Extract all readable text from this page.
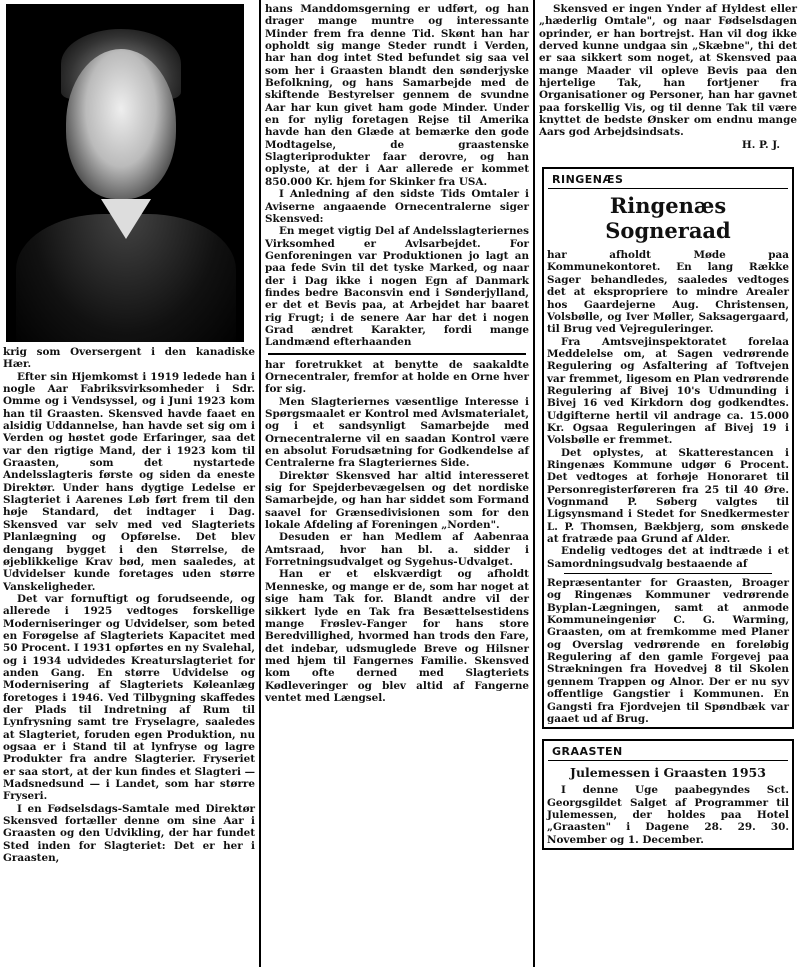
krig som Oversergent i den kanadiske Hær.

Efter sin Hjemkomst i 1919 ledede han i nogle Aar Fabriksvirksomheder i Sdr. Omme og i Vendsyssel, og i Juni 1923 kom han til Graasten. Skensved havde faaet en alsidig Uddannelse, han havde set sig om i Verden og høstet gode Erfaringer, saa det var den rigtige Mand, der i 1923 kom til Graasten, som det nystartede Andelsslagteris første og siden da eneste Direktør. Under hans dygtige Ledelse er Slagteriet i Aarenes Løb ført frem til den høje Standard, det indtager i Dag. Skensved var selv med ved Slagteriets Planlægning og Opførelse. Det blev dengang bygget i den Størrelse, de øjeblikkelige Krav bød, men saaledes, at Udvidelser kunde foretages uden større Vanskeligheder.

Det var fornuftigt og forudseende, og allerede i 1925 vedtoges forskellige Moderniseringer og Udvidelser, som beted en Forøgelse af Slagteriets Kapacitet med 50 Procent. I 1931 opførtes en ny Svalehal, og i 1934 udvidedes Kreaturslagteriet for anden Gang. En større Udvidelse og Modernisering af Slagteriets Kølеanlæg foretoges i 1946. Ved Tilbygning skaffedes der Plads til Indretning af Rum til Lynfrysning samt tre Fryselagre, saaledes at Slagteriet, foruden egen Produktion, nu ogsaa er i Stand til at lynfryse og lagre Produkter fra andre Slagterier. Fryseriet er saa stort, at der kun findes et Slagteri — Madsnedsund — i Landet, som har større Fryseri.

I en Fødselsdags-Samtale med Direktør Skensved fortæller denne om sine Aar i Graasten og den Udvikling, der har fundet Sted inden for Slagteriet: Det er her i Graasten,

hans Manddomsgerning er udført, og han drager mange muntre og interessante Minder frem fra denne Tid. Skønt han har opholdt sig mange Steder rundt i Verden, har han dog intet Sted befundet sig saa vel som her i Graasten blandt den sønderjyske Befolkning, og hans Samarbejde med de skiftende Bestyrelser gennem de svundne Aar har kun givet ham gode Minder. Under en for nylig foretagen Rejse til Amerika havde han den Glæde at bemærke den gode Modtagelse, de graastenske Slagteriprodukter faar derovre, og han oplyste, at der i Aar allerede er kommet 850.000 Kr. hjem for Skinker fra USA.

I Anledning af den sidste Tids Omtaler i Aviserne angaaende Ornecentralerne siger Skensved:

En meget vigtig Del af Andelsslagteriernes Virksomhed er Avlsarbejdet. For Genforeningen var Produktionen jo lagt an paa fede Svin til det tyske Marked, og naar der i Dag ikke i nogen Egn af Danmark findes bedre Baconsvin end i Sønderjylland, er det et Bevis paa, at Arbejdet har baaret rig Frugt; i de senere Aar har det i nogen Grad ændret Karakter, fordi mange Landmænd efterhaanden

har foretrukket at benytte de saakaldte Ornecentraler, fremfor at holde en Orne hver for sig.

Men Slagteriernes væsentlige Interesse i Spørgsmaalet er Kontrol med Avlsmaterialet, og i et sandsynligt Samarbejde med Ornecentralerne vil en saadan Kontrol være en absolut Forudsætning for Godkendelse af Centralerne fra Slagteriernes Side.

Direktør Skensved har altid interesseret sig for Spejderbevægelsen og det nordiske Samarbejde, og han har siddet som Formand saavel for Grænsedivisionen som for den lokale Afdeling af Foreningen „Norden".

Desuden er han Medlem af Aabenraa Amtsraad, hvor han bl. a. sidder i Forretningsudvalget og Sygehus-Udvalget.

Han er et elskværdigt og afholdt Menneske, og mange er de, som har noget at sige ham Tak for. Blandt andre vil der sikkert lyde en Tak fra Besættelsestidens mange Frøslev-Fanger for hans store Beredvillighed, hvormed han trods den Fare, det indebar, udsmuglede Breve og Hilsner med hjem til Fangernes Familie. Skensved kom ofte derned med Slagteriets Kødleveringer og blev altid af Fangerne ventet med Længsel.

Skensved er ingen Ynder af Hyldest eller „hæderlig Omtale", og naar Fødselsdagen oprinder, er han bortrejst. Han vil dog ikke derved kunne undgaa sin „Skæbne", thi det er saa sikkert som noget, at Skensved paa mange Maader vil opleve Bevis paa den hjertelige Tak, han fortjener fra Organisationer og Personer, han har gavnet paa forskellig Vis, og til denne Tak til være knyttet de bedste Ønsker om endnu mange Aars god Arbejdsindsats.

H. P. J.

RINGENÆS
Ringenæs Sogneraad

har afholdt Møde paa Kommunekontoret. En lang Række Sager behandledes, saaledes vedtoges det at ekspropriere to mindre Arealer hos Gaardejerne Aug. Christensen, Volsbølle, og Iver Møller, Saksagergaard, til Brug ved Vejreguleringer.

Fra Amtsvejinspektoratet forelaa Meddelelse om, at Sagen vedrørende Regulering og Asfaltering af Toftvejen var fremmet, ligesom en Plan vedrørende Regulering af Bivej 10's Udmunding i Bivej 16 ved Kirkdorn dog godkendtes. Udgifterne hertil vil andrage ca. 15.000 Kr. Ogsaa Reguleringen af Bivej 19 i Volsbølle er fremmet.

Det oplystes, at Skatterestancen i Ringenæs Kommune udgør 6 Procent. Det vedtoges at forhøje Honoraret til Personregisterføreren fra 25 til 40 Øre. Vognmand P. Søberg valgtes til Ligsynsmand i Stedet for Snedkermester L. P. Thomsen, Bækbjerg, som ønskede at fratræde paa Grund af Alder.

Endelig vedtoges det at indtræde i et Samordningsudvalg bestaaende af

Repræsentanter for Graasten, Broager og Ringenæs Kommuner vedrørende Byplan-Lægningen, samt at anmode Kommuneingeniør C. G. Warming, Graasten, om at fremkomme med Planer og Overslag vedrørende en foreløbig Regulering af den gamle Forgevej paa Strækningen fra Hovedvej 8 til Skolen gennem Trappen og Alnor. Der er nu syv offentlige Gangstier i Kommunen. En Gangsti fra Fjordvejen til Spøndbæk var gaaet ud af Brug.

GRAASTEN
Julemessen i Graasten 1953

I denne Uge paabegyndes Sct. Georgsgildet Salget af Programmer til Julemessen, der holdes paa Hotel „Graasten" i Dagene 28. 29. 30. November og 1. December.
